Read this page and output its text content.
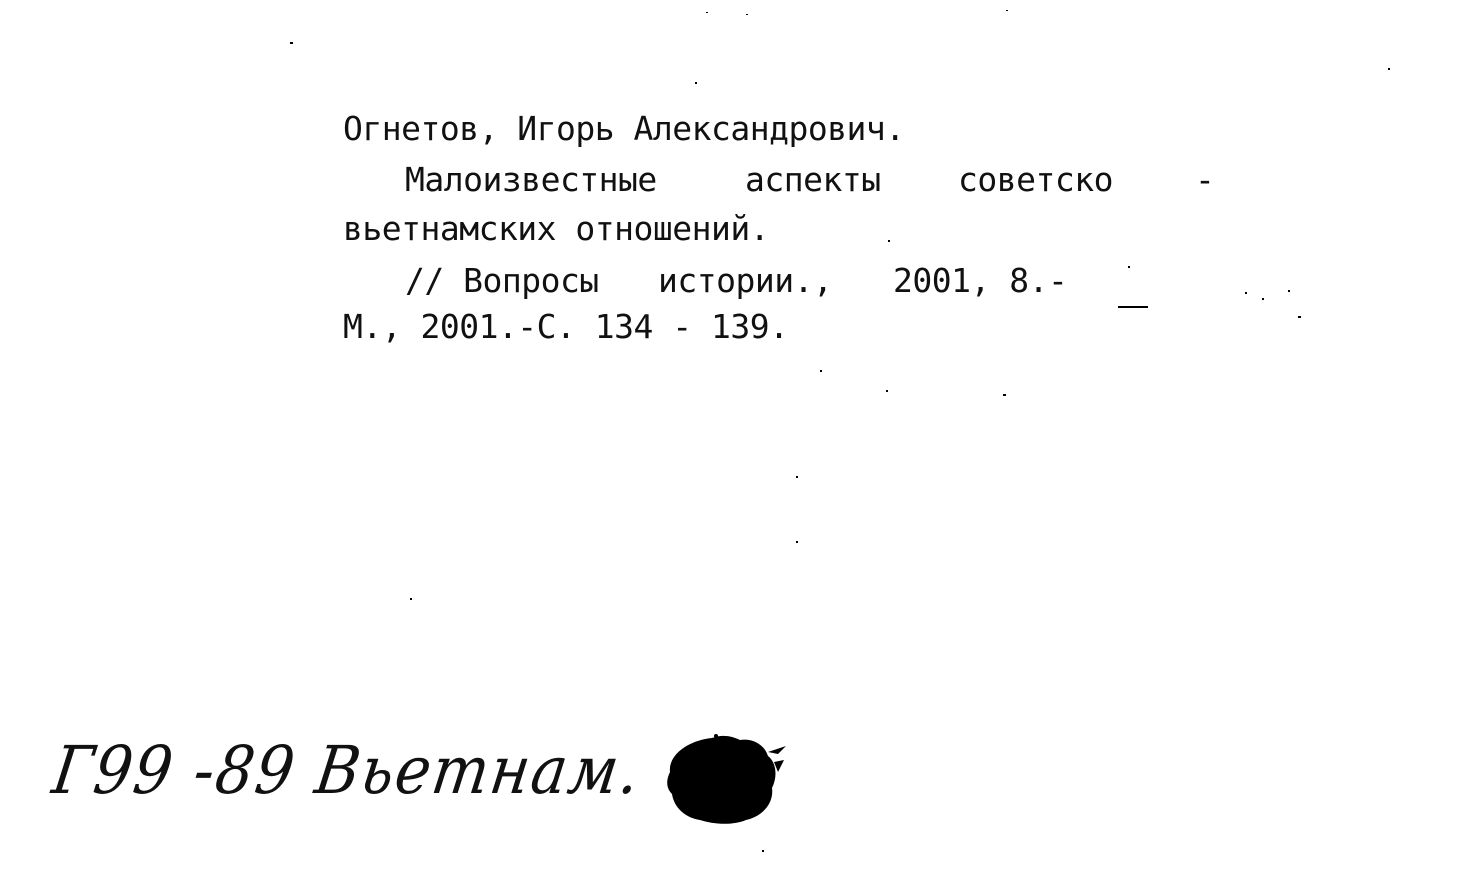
Огнетов, Игорь Александрович.

Малоизвестные

	аспекты

советско

-

вьетнамских отношений.

// Вопросы

истории.,

2001, 8.-

М., 2001.-С. 134 - 139.
Г99 -89 Вьетнам.
